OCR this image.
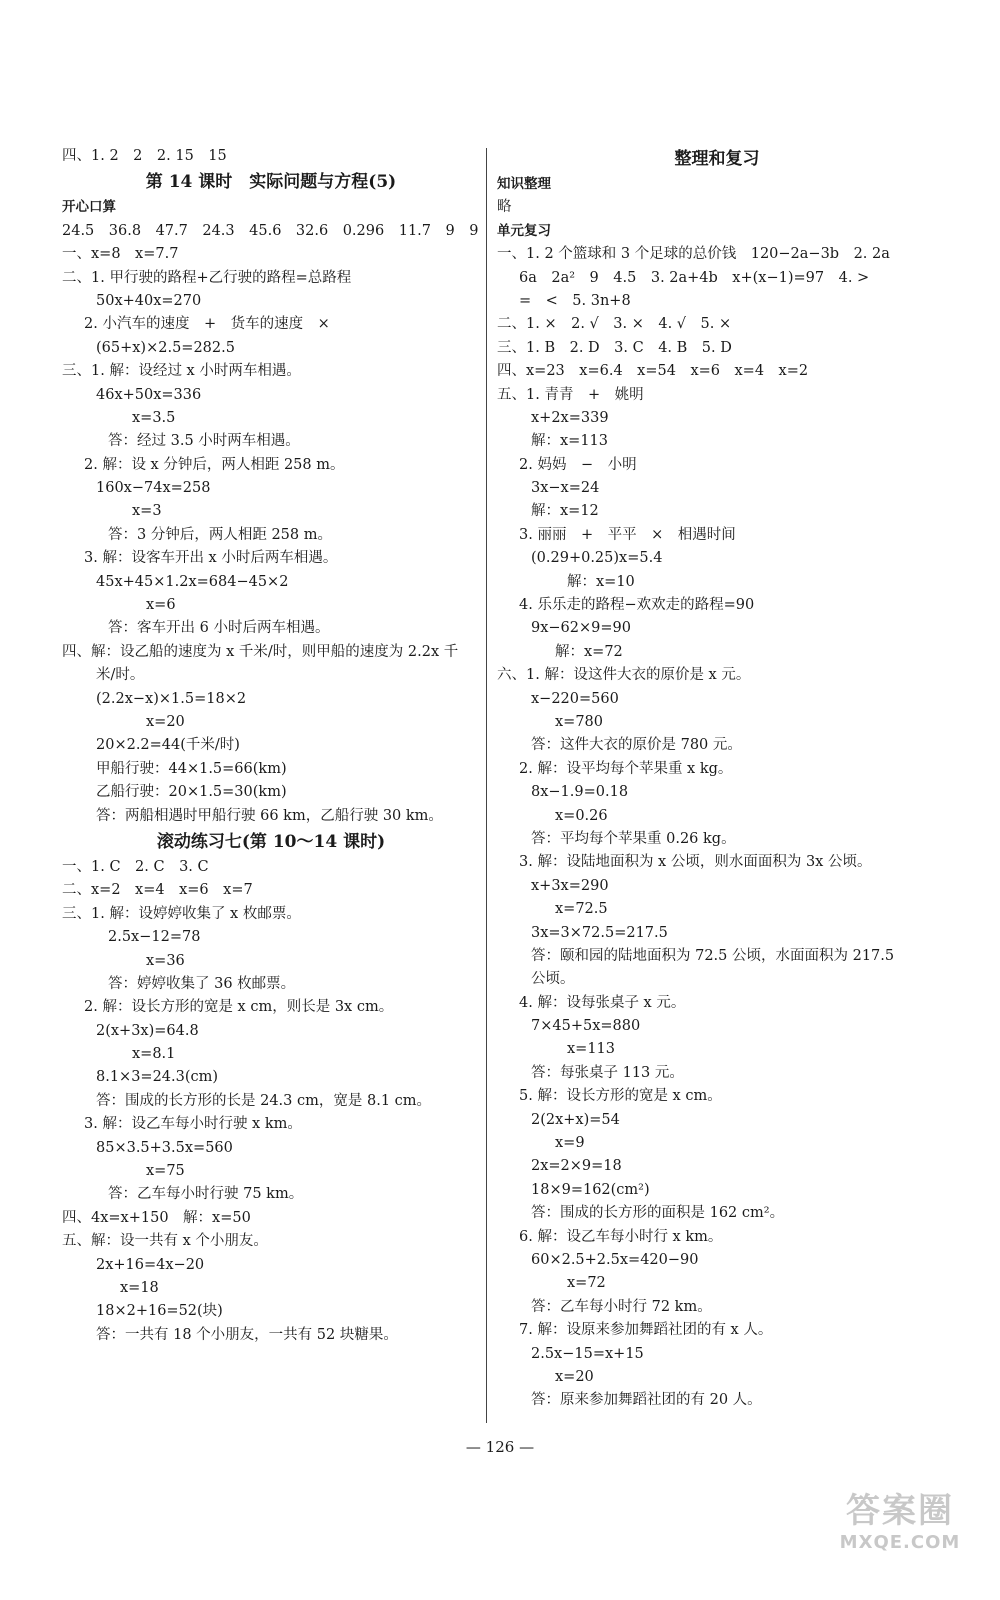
四、1. 2　2　2. 15　15
第 14 课时　实际问题与方程(5)
开心口算
24.5　36.8　47.7　24.3　45.6　32.6　0.296　11.7　9　9
一、x=8　x=7.7
二、1. 甲行驶的路程+乙行驶的路程=总路程
50x+40x=270
2. 小汽车的速度　+　货车的速度　×
(65+x)×2.5=282.5
三、1. 解：设经过 x 小时两车相遇。
46x+50x=336
x=3.5
答：经过 3.5 小时两车相遇。
2. 解：设 x 分钟后，两人相距 258 m。
160x−74x=258
x=3
答：3 分钟后，两人相距 258 m。
3. 解：设客车开出 x 小时后两车相遇。
45x+45×1.2x=684−45×2
x=6
答：客车开出 6 小时后两车相遇。
四、解：设乙船的速度为 x 千米/时，则甲船的速度为 2.2x 千
米/时。
(2.2x−x)×1.5=18×2
x=20
20×2.2=44(千米/时)
甲船行驶：44×1.5=66(km)
乙船行驶：20×1.5=30(km)
答：两船相遇时甲船行驶 66 km，乙船行驶 30 km。
滚动练习七(第 10～14 课时)
一、1. C　2. C　3. C
二、x=2　x=4　x=6　x=7
三、1. 解：设婷婷收集了 x 枚邮票。
2.5x−12=78
x=36
答：婷婷收集了 36 枚邮票。
2. 解：设长方形的宽是 x cm，则长是 3x cm。
2(x+3x)=64.8
x=8.1
8.1×3=24.3(cm)
答：围成的长方形的长是 24.3 cm，宽是 8.1 cm。
3. 解：设乙车每小时行驶 x km。
85×3.5+3.5x=560
x=75
答：乙车每小时行驶 75 km。
四、4x=x+150　解：x=50
五、解：设一共有 x 个小朋友。
2x+16=4x−20
x=18
18×2+16=52(块)
答：一共有 18 个小朋友，一共有 52 块糖果。
整理和复习
知识整理
略
单元复习
一、1. 2 个篮球和 3 个足球的总价钱　120−2a−3b　2. 2a
6a　2a²　9　4.5　3. 2a+4b　x+(x−1)=97　4. >
=　<　5. 3n+8
二、1. ×　2. √　3. ×　4. √　5. ×
三、1. B　2. D　3. C　4. B　5. D
四、x=23　x=6.4　x=54　x=6　x=4　x=2
五、1. 青青　+　姚明
x+2x=339
解：x=113
2. 妈妈　−　小明
3x−x=24
解：x=12
3. 丽丽　+　平平　×　相遇时间
(0.29+0.25)x=5.4
解：x=10
4. 乐乐走的路程−欢欢走的路程=90
9x−62×9=90
解：x=72
六、1. 解：设这件大衣的原价是 x 元。
x−220=560
x=780
答：这件大衣的原价是 780 元。
2. 解：设平均每个苹果重 x kg。
8x−1.9=0.18
x=0.26
答：平均每个苹果重 0.26 kg。
3. 解：设陆地面积为 x 公顷，则水面面积为 3x 公顷。
x+3x=290
x=72.5
3x=3×72.5=217.5
答：颐和园的陆地面积为 72.5 公顷，水面面积为 217.5
公顷。
4. 解：设每张桌子 x 元。
7×45+5x=880
x=113
答：每张桌子 113 元。
5. 解：设长方形的宽是 x cm。
2(2x+x)=54
x=9
2x=2×9=18
18×9=162(cm²)
答：围成的长方形的面积是 162 cm²。
6. 解：设乙车每小时行 x km。
60×2.5+2.5x=420−90
x=72
答：乙车每小时行 72 km。
7. 解：设原来参加舞蹈社团的有 x 人。
2.5x−15=x+15
x=20
答：原来参加舞蹈社团的有 20 人。
— 126 —
答案圈
MXQE.COM
